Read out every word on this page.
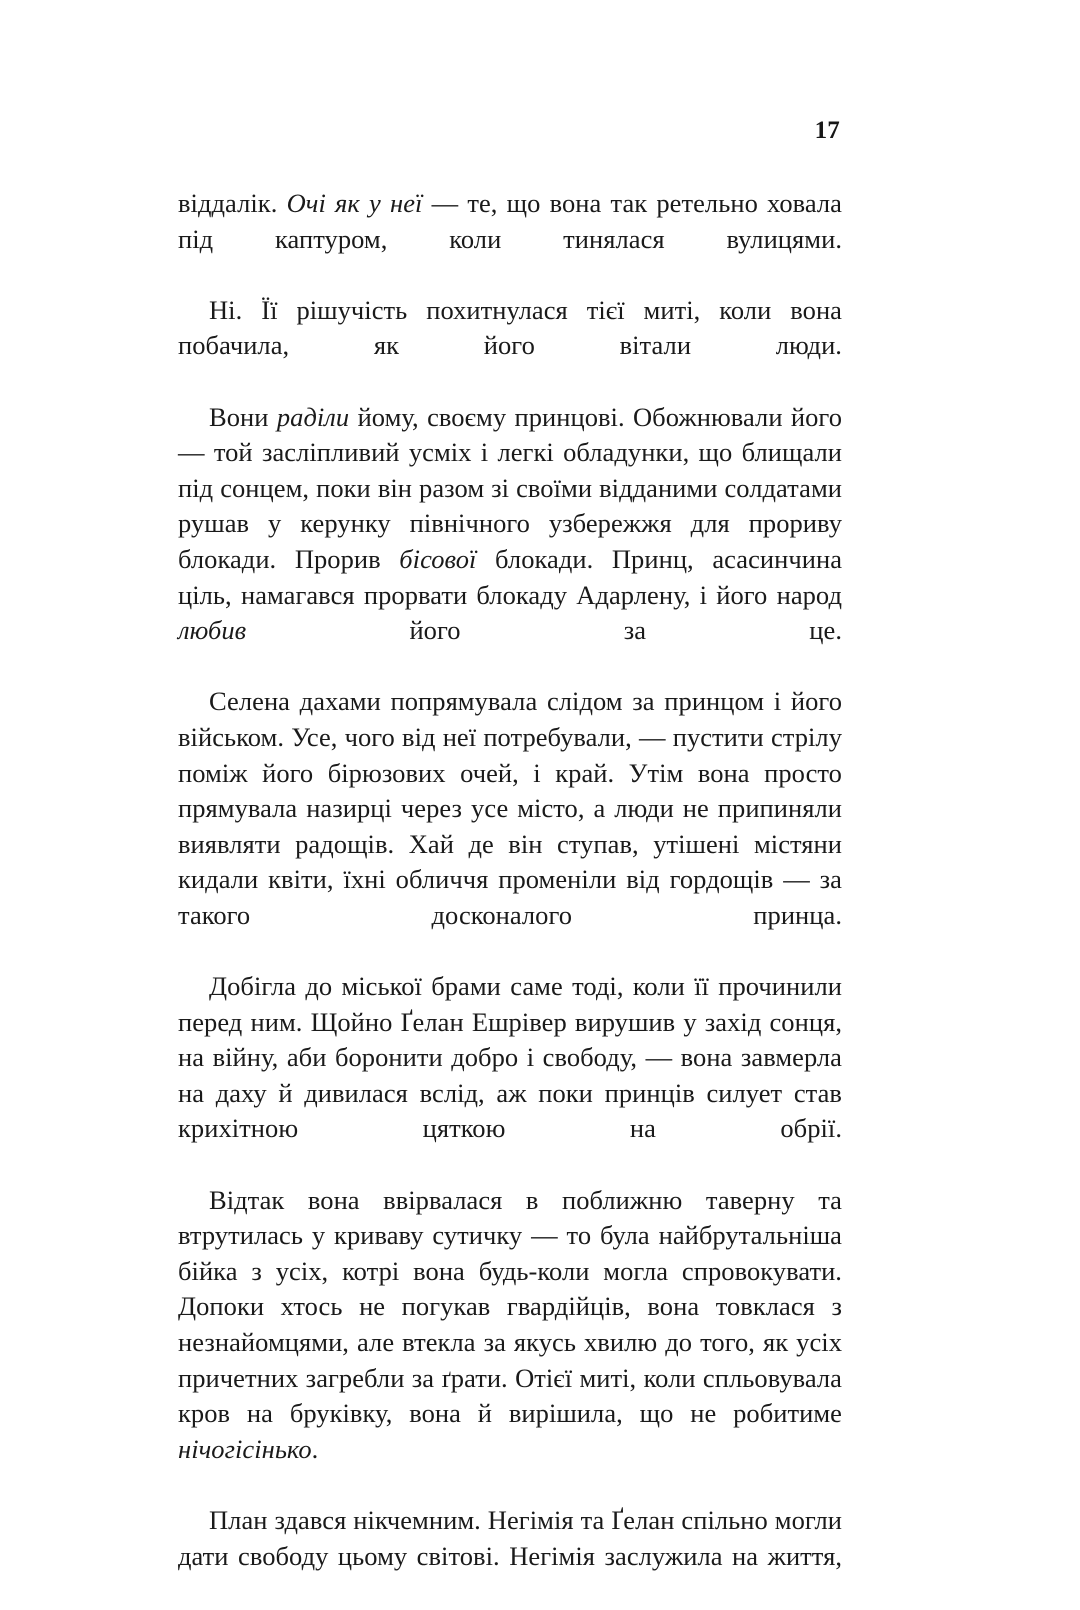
17

віддалік. Очі як у неї — те, що вона так ретельно ховала під каптуром, коли тинялася вулицями.

Ні. Її рішучість похитнулася тієї миті, коли вона побачила, як його вітали люди.

Вони раділи йому, своєму принцові. Обожнювали його — той засліпливий усміх і легкі обладунки, що блищали під сонцем, поки він разом зі своїми відданими солдатами рушав у керунку північного узбережжя для прориву блокади. Прорив бісової блокади. Принц, асасинчина ціль, намагався прорвати блокаду Адарлену, і його народ любив його за це.

Селена дахами попрямувала слідом за принцом і його військом. Усе, чого від неї потребували, — пустити стрілу поміж його бірюзових очей, і край. Утім вона просто прямувала назирці через усе місто, а люди не припиняли виявляти радощів. Хай де він ступав, утішені містяни кидали квіти, їхні обличчя променіли від гордощів — за такого досконалого принца.

Добігла до міської брами саме тоді, коли її прочинили перед ним. Щойно Ґелан Ешрівер вирушив у захід сонця, на війну, аби боронити добро і свободу, — вона завмерла на даху й дивилася вслід, аж поки принців силует став крихітною цяткою на обрії.

Відтак вона ввірвалася в поближню таверну та втрутилась у криваву сутичку — то була найбрутальніша бійка з усіх, котрі вона будь-коли могла спровокувати. Допоки хтось не погукав гвардійців, вона товклася з незнайомцями, але втекла за якусь хвилю до того, як усіх причетних загребли за ґрати. Отієї миті, коли спльовувала кров на бруківку, вона й вирішила, що не робитиме нічогісінько.

План здався нікчемним. Негімія та Ґелан спільно могли дати свободу цьому світові. Негімія заслужила на життя,
